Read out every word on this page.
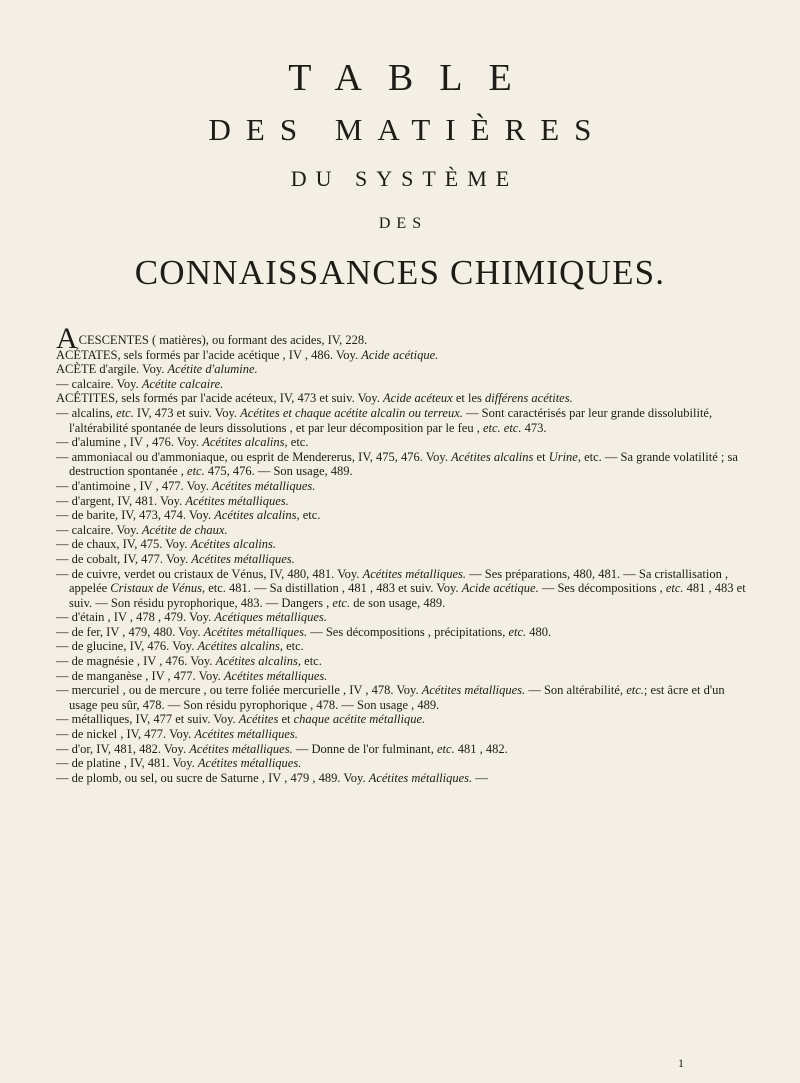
TABLE
DES MATIÈRES
DU SYSTÈME
DES
CONNAISSANCES CHIMIQUES.

ACESCENTES ( matières), ou formant des acides, IV, 228.

ACÉTATES, sels formés par l'acide acétique , IV , 486. Voy. Acide acétique.

ACÈTE d'argile. Voy. Acétite d'alumine.

— calcaire. Voy. Acétite calcaire.

ACÉTITES, sels formés par l'acide acéteux, IV, 473 et suiv. Voy. Acide acéteux et les différens acétites.

— alcalins, etc. IV, 473 et suiv. Voy. Acétites et chaque acétite alcalin ou terreux. — Sont caractérisés par leur grande dissolubilité, l'altérabilité spontanée de leurs dissolutions , et par leur décomposition par le feu , etc. etc. 473.

— d'alumine , IV , 476. Voy. Acétites alcalins, etc.

— ammoniacal ou d'ammoniaque, ou esprit de Mendererus, IV, 475, 476. Voy. Acétites alcalins et Urine, etc. — Sa grande volatilité ; sa destruction spontanée , etc. 475, 476. — Son usage, 489.

— d'antimoine , IV , 477. Voy. Acétites métalliques.

— d'argent, IV, 481. Voy. Acétites métalliques.

— de barite, IV, 473, 474. Voy. Acétites alcalins, etc.

— calcaire. Voy. Acétite de chaux.

— de chaux, IV, 475. Voy. Acétites alcalins.

— de cobalt, IV, 477. Voy. Acétites métalliques.

— de cuivre, verdet ou cristaux de Vénus, IV, 480, 481. Voy. Acétites métalliques. — Ses préparations, 480, 481. — Sa cristallisation , appelée Cristaux de Vénus, etc. 481. — Sa distillation , 481 , 483 et suiv. Voy. Acide acétique. — Ses décompositions , etc. 481 , 483 et suiv. — Son résidu pyrophorique, 483. — Dangers , etc. de son usage, 489.

— d'étain , IV , 478 , 479. Voy. Acétiques métalliques.

— de fer, IV , 479, 480. Voy. Acétites métalliques. — Ses décompositions , précipitations, etc. 480.

— de glucine, IV, 476. Voy. Acétites alcalins, etc.

— de magnésie , IV , 476. Voy. Acétites alcalins, etc.

— de manganèse , IV , 477. Voy. Acétites métalliques.

— mercuriel , ou de mercure , ou terre foliée mercurielle , IV , 478. Voy. Acétites métalliques. — Son altérabilité, etc.; est âcre et d'un usage peu sûr, 478. — Son résidu pyrophorique , 478. — Son usage , 489.

— métalliques, IV, 477 et suiv. Voy. Acétites et chaque acétite métallique.

— de nickel , IV, 477. Voy. Acétites métalliques.

— d'or, IV, 481, 482. Voy. Acétites métalliques. — Donne de l'or fulminant, etc. 481 , 482.

— de platine , IV, 481. Voy. Acétites métalliques.

— de plomb, ou sel, ou sucre de Saturne , IV , 479 , 489. Voy. Acétites métalliques. —

1
